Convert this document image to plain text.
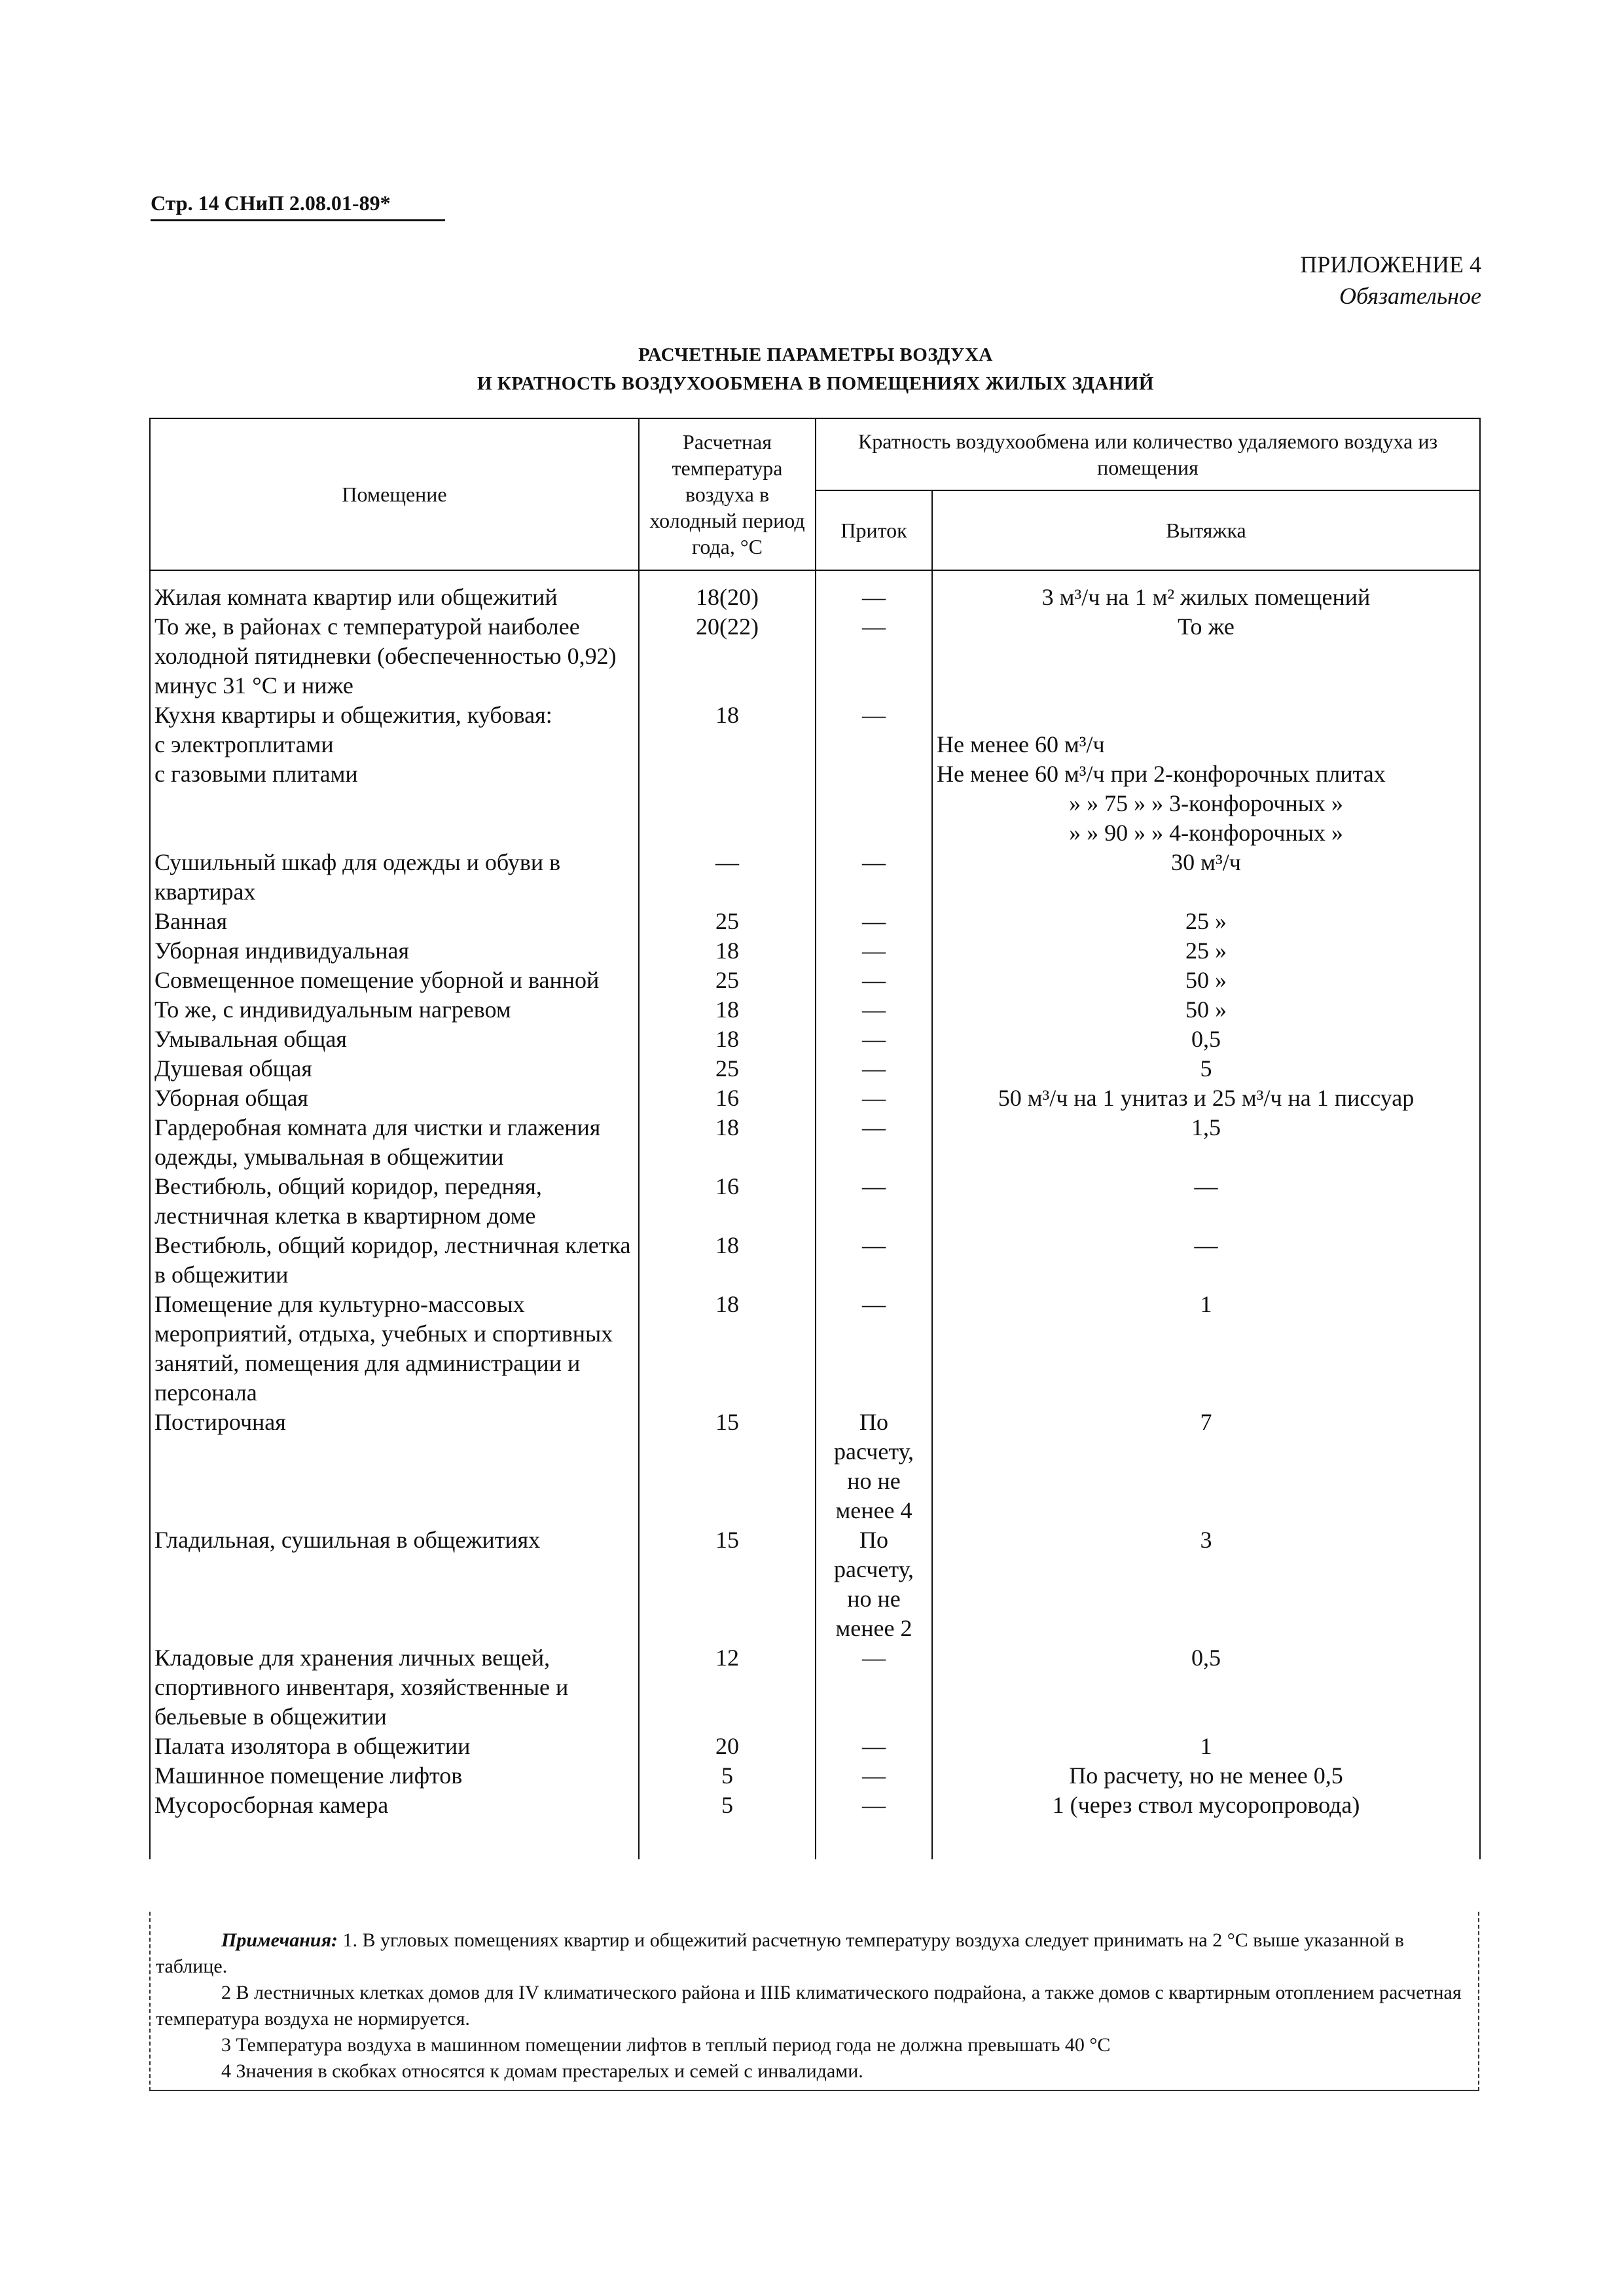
Стр. 14 СНиП 2.08.01-89*
ПРИЛОЖЕНИЕ 4
Обязательное
РАСЧЕТНЫЕ ПАРАМЕТРЫ ВОЗДУХА
И КРАТНОСТЬ ВОЗДУХООБМЕНА В ПОМЕЩЕНИЯХ ЖИЛЫХ ЗДАНИЙ
Помещение	Расчетная температура воздуха в холодный период года, °С	Кратность воздухообмена или количество удаляемого воздуха из помещения	
		Приток	Вытяжка
Жилая комната квартир или общежитий	18(20)	—	3 м³/ч на 1 м² жилых помещений
То же, в районах с температурой наиболее холодной пятидневки (обеспеченностью 0,92) минус 31 °С и ниже	20(22)	—	То же
Кухня квартиры и общежития, кубовая:	18	—	
с электроплитами			Не менее 60 м³/ч
с газовыми плитами			Не менее 60 м³/ч при 2-конфорочных плитах
			» » 75 » » 3-конфорочных »
			» » 90 » » 4-конфорочных »
Сушильный шкаф для одежды и обуви в квартирах	—	—	30 м³/ч
Ванная	25	—	25 »
Уборная индивидуальная	18	—	25 »
Совмещенное помещение уборной и ванной	25	—	50 »
То же, с индивидуальным нагревом	18	—	50 »
Умывальная общая	18	—	0,5
Душевая общая	25	—	5
Уборная общая	16	—	50 м³/ч на 1 унитаз и 25 м³/ч на 1 писсуар
Гардеробная комната для чистки и глажения одежды, умывальная в общежитии	18	—	1,5
Вестибюль, общий коридор, передняя, лестничная клетка в квартирном доме	16	—	—
Вестибюль, общий коридор, лестничная клетка в общежитии	18	—	—
Помещение для культурно-массовых мероприятий, отдыха, учебных и спортивных занятий, помещения для администрации и персонала	18	—	1
Постирочная	15	По расчету, но не менее 4	7
Гладильная, сушильная в общежитиях	15	По расчету, но не менее 2	3
Кладовые для хранения личных вещей, спортивного инвентаря, хозяйственные и бельевые в общежитии	12	—	0,5
Палата изолятора в общежитии	20	—	1
Машинное помещение лифтов	5	—	По расчету, но не менее 0,5
Мусоросборная камера	5	—	1 (через ствол мусоропровода)

Примечания: 1. В угловых помещениях квартир и общежитий расчетную температуру воздуха следует принимать на 2 °С выше указанной в таблице.

2 В лестничных клетках домов для IV климатического района и IIIБ климатического подрайона, а также домов с квартирным отоплением расчетная температура воздуха не нормируется.

3 Температура воздуха в машинном помещении лифтов в теплый период года не должна превышать 40 °С

4 Значения в скобках относятся к домам престарелых и семей с инвалидами.
